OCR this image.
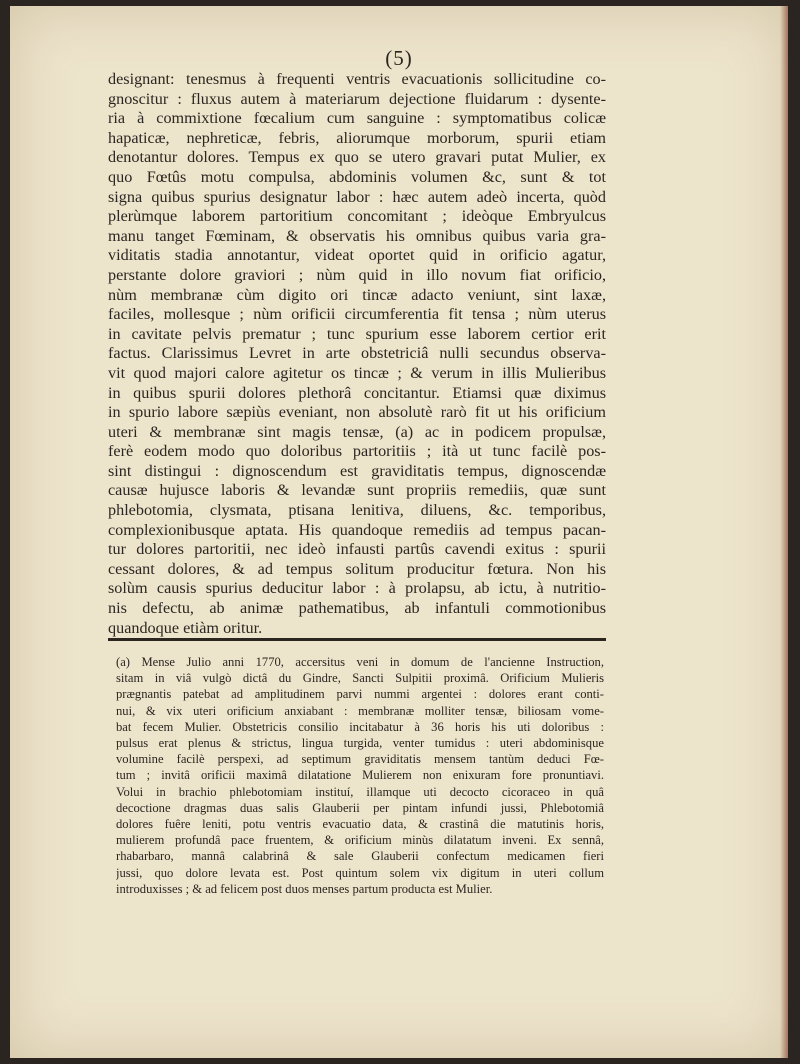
(5)
designant: tenesmus à frequenti ventris evacuationis sollicitudine co-
gnoscitur : fluxus autem à materiarum dejectione fluidarum : dysente-
ria à commixtione fœcalium cum sanguine : symptomatibus colicæ
hapaticæ, nephreticæ, febris, aliorumque morborum, spurii etiam
denotantur dolores. Tempus ex quo se utero gravari putat Mulier, ex
quo Fœtûs motu compulsa, abdominis volumen &c, sunt & tot
signa quibus spurius designatur labor : hæc autem adeò incerta, quòd
plerùmque laborem partoritium concomitant ; ideòque Embryulcus
manu tanget Fœminam, & observatis his omnibus quibus varia gra-
viditatis stadia annotantur, videat oportet quid in orificio agatur,
perstante dolore graviori ; nùm quid in illo novum fiat orificio,
nùm membranæ cùm digito ori tincæ adacto veniunt, sint laxæ,
faciles, mollesque ; nùm orificii circumferentia fit tensa ; nùm uterus
in cavitate pelvis prematur ; tunc spurium esse laborem certior erit
factus. Clarissimus Levret in arte obstetriciâ nulli secundus observa-
vit quod majori calore agitetur os tincæ ; & verum in illis Mulieribus
in quibus spurii dolores plethorâ concitantur. Etiamsi quæ diximus
in spurio labore sæpiùs eveniant, non absolutè rarò fit ut his orificium
uteri & membranæ sint magis tensæ, (a) ac in podicem propulsæ,
ferè eodem modo quo doloribus partoritiis ; ità ut tunc facilè pos-
sint distingui : dignoscendum est graviditatis tempus, dignoscendæ
causæ hujusce laboris & levandæ sunt propriis remediis, quæ sunt
phlebotomia, clysmata, ptisana lenitiva, diluens, &c. temporibus,
complexionibusque aptata. His quandoque remediis ad tempus pacan-
tur dolores partoritii, nec ideò infausti partûs cavendi exitus : spurii
cessant dolores, & ad tempus solitum producitur fœtura. Non his
solùm causis spurius deducitur labor : à prolapsu, ab ictu, à nutritio-
nis defectu, ab animæ pathematibus, ab infantuli commotionibus
quandoque etiàm oritur.
(a) Mense Julio anni 1770, accersitus veni in domum de l'ancienne Instruction,
sitam in viâ vulgò dictâ du Gindre, Sancti Sulpitii proximâ. Orificium Mulieris
prægnantis patebat ad amplitudinem parvi nummi argentei : dolores erant conti-
nui, & vix uteri orificium anxiabant : membranæ molliter tensæ, biliosam vome-
bat fecem Mulier. Obstetricis consilio incitabatur à 36 horis his uti doloribus :
pulsus erat plenus & strictus, lingua turgida, venter tumidus : uteri abdominisque
volumine facilè perspexi, ad septimum graviditatis mensem tantùm deduci Fœ-
tum ; invitâ orificii maximâ dilatatione Mulierem non enixuram fore pronuntiavi.
Volui in brachio phlebotomiam instituí, illamque uti decocto cicoraceo in quâ
decoctione dragmas duas salis Glauberii per pintam infundi jussi, Phlebotomiâ
dolores fuêre leniti, potu ventris evacuatio data, & crastinâ die matutinis horis,
mulierem profundâ pace fruentem, & orificium minùs dilatatum inveni. Ex sennâ,
rhabarbaro, mannâ calabrinâ & sale Glauberii confectum medicamen fieri
jussi, quo dolore levata est. Post quintum solem vix digitum in uteri collum
introduxisses ; & ad felicem post duos menses partum producta est Mulier.
